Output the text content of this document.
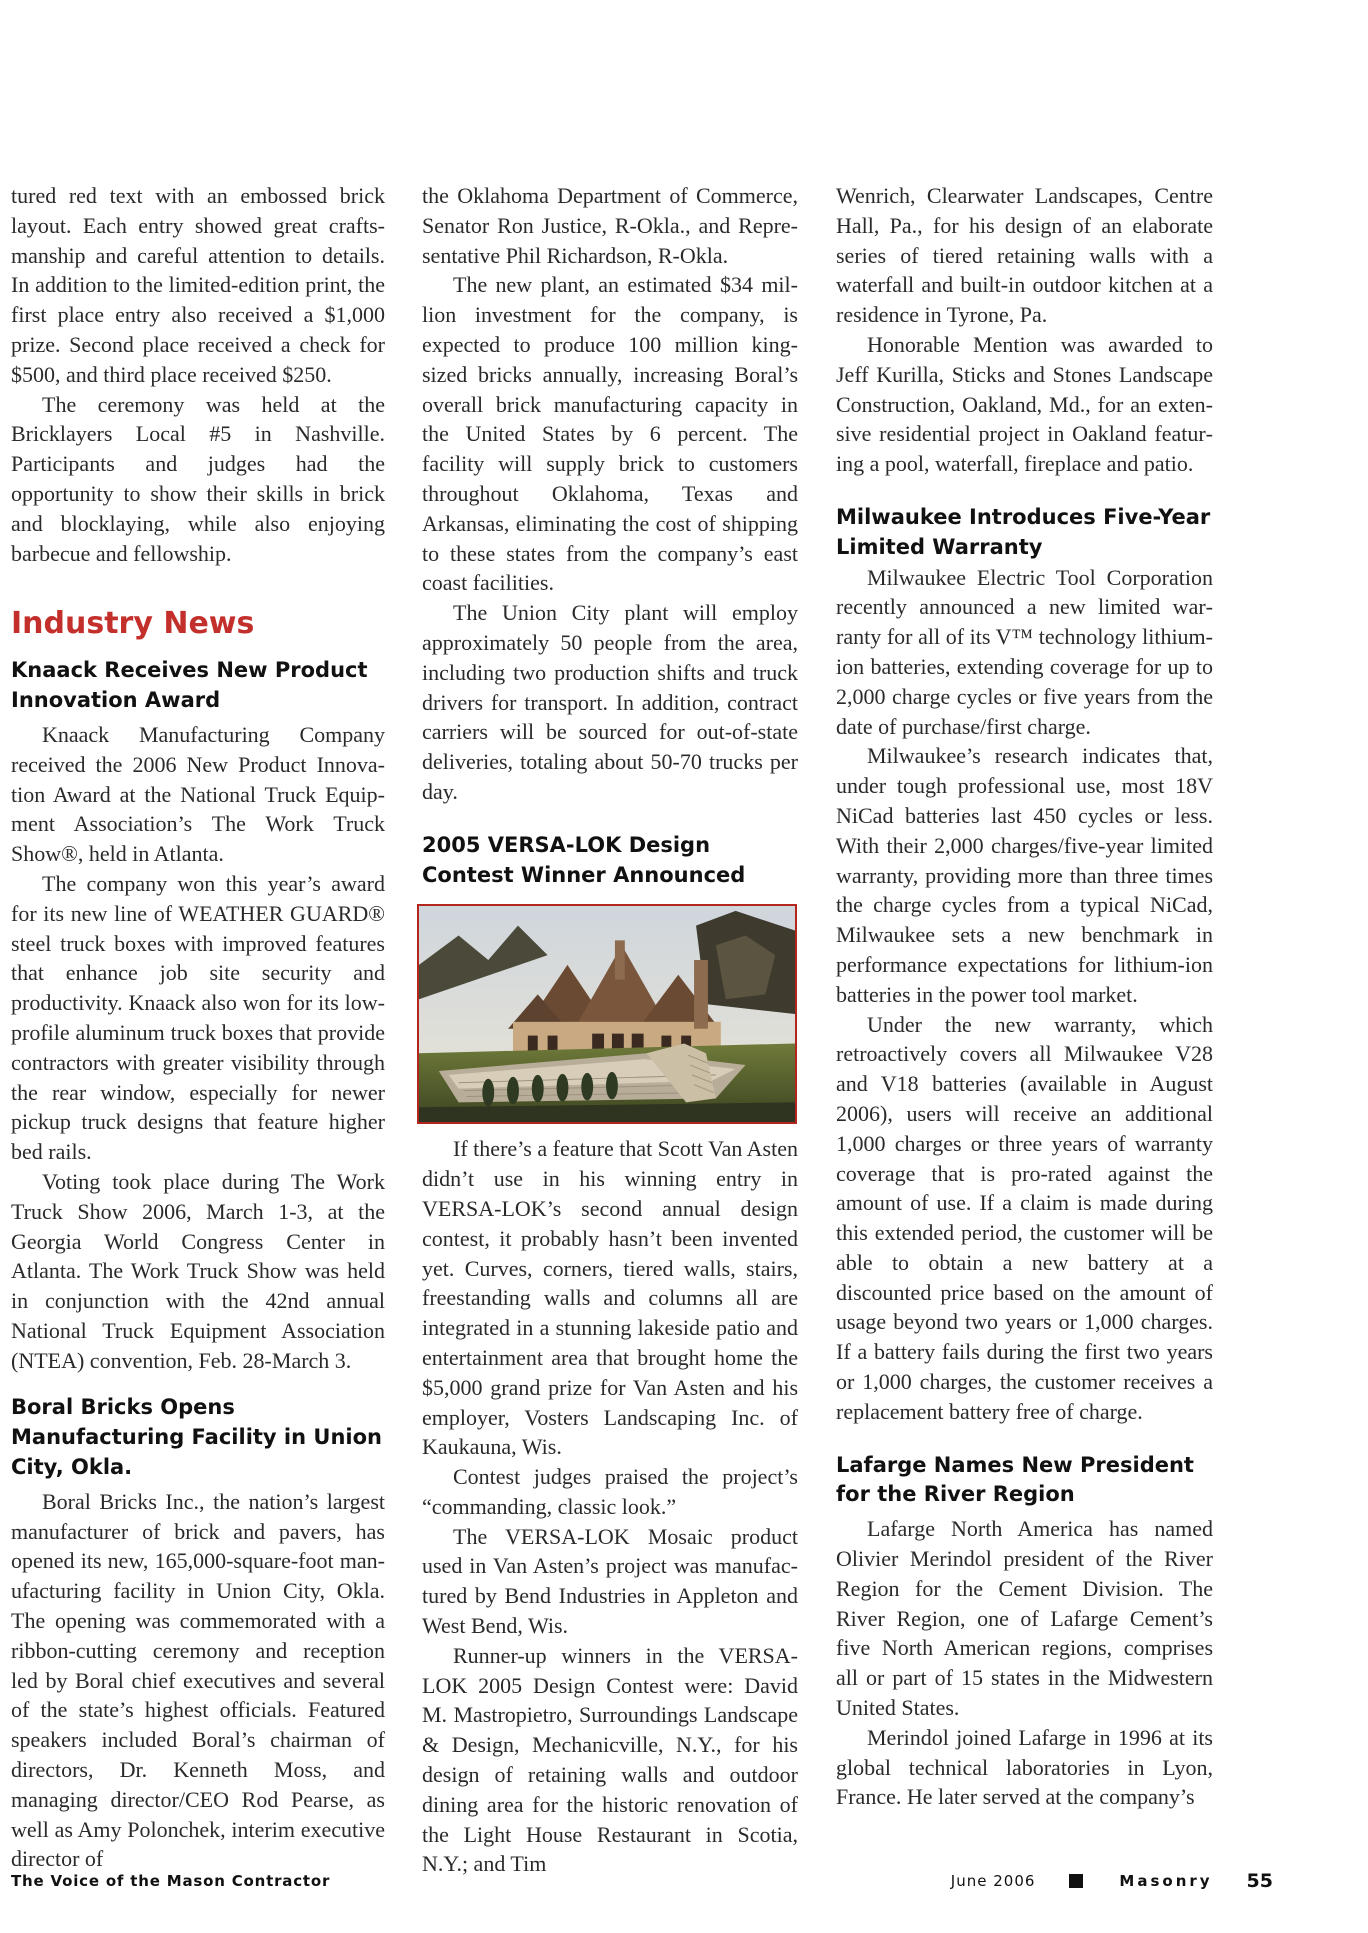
tured red text with an embossed brick layout. Each entry showed great craftsmanship and careful attention to details. In addition to the limited-edition print, the first place entry also received a $1,000 prize. Second place received a check for $500, and third place received $250.

The ceremony was held at the Bricklayers Local #5 in Nashville. Participants and judges had the opportunity to show their skills in brick and blocklaying, while also enjoying barbecue and fellowship.

Industry News
Knaack Receives New Product Innovation Award

Knaack Manufacturing Company received the 2006 New Product Innovation Award at the National Truck Equipment Association’s The Work Truck Show®, held in Atlanta.

The company won this year’s award for its new line of WEATHER GUARD® steel truck boxes with improved features that enhance job site security and productivity. Knaack also won for its low-profile aluminum truck boxes that provide contractors with greater visibility through the rear window, especially for newer pickup truck designs that feature higher bed rails.

Voting took place during The Work Truck Show 2006, March 1-3, at the Georgia World Congress Center in Atlanta. The Work Truck Show was held in conjunction with the 42nd annual National Truck Equipment Association (NTEA) convention, Feb. 28-March 3.

Boral Bricks Opens Manufacturing Facility in Union City, Okla.

Boral Bricks Inc., the nation’s largest manufacturer of brick and pavers, has opened its new, 165,000-square-foot manufacturing facility in Union City, Okla. The opening was commemorated with a ribbon-cutting ceremony and reception led by Boral chief executives and several of the state’s highest officials. Featured speakers included Boral’s chairman of directors, Dr. Kenneth Moss, and managing director/CEO Rod Pearse, as well as Amy Polonchek, interim executive director of

the Oklahoma Department of Commerce, Senator Ron Justice, R-Okla., and Representative Phil Richardson, R-Okla.

The new plant, an estimated $34 million investment for the company, is expected to produce 100 million king-sized bricks annually, increasing Boral’s overall brick manufacturing capacity in the United States by 6 percent. The facility will supply brick to customers throughout Oklahoma, Texas and Arkansas, eliminating the cost of shipping to these states from the company’s east coast facilities.

The Union City plant will employ approximately 50 people from the area, including two production shifts and truck drivers for transport. In addition, contract carriers will be sourced for out-of-state deliveries, totaling about 50-70 trucks per day.

2005 VERSA-LOK Design Contest Winner Announced

If there’s a feature that Scott Van Asten didn’t use in his winning entry in VERSA-LOK’s second annual design contest, it probably hasn’t been invented yet. Curves, corners, tiered walls, stairs, freestanding walls and columns all are integrated in a stunning lakeside patio and entertainment area that brought home the $5,000 grand prize for Van Asten and his employer, Vosters Landscaping Inc. of Kaukauna, Wis.

Contest judges praised the project’s “commanding, classic look.”

The VERSA-LOK Mosaic product used in Van Asten’s project was manufactured by Bend Industries in Appleton and West Bend, Wis.

Runner-up winners in the VERSA-LOK 2005 Design Contest were: David M. Mastropietro, Surroundings Landscape & Design, Mechanicville, N.Y., for his design of retaining walls and outdoor dining area for the historic renovation of the Light House Restaurant in Scotia, N.Y.; and Tim

Wenrich, Clearwater Landscapes, Centre Hall, Pa., for his design of an elaborate series of tiered retaining walls with a waterfall and built-in outdoor kitchen at a residence in Tyrone, Pa.

Honorable Mention was awarded to Jeff Kurilla, Sticks and Stones Landscape Construction, Oakland, Md., for an extensive residential project in Oakland featuring a pool, waterfall, fireplace and patio.

Milwaukee Introduces Five-Year Limited Warranty

Milwaukee Electric Tool Corporation recently announced a new limited warranty for all of its V™ technology lithium-ion batteries, extending coverage for up to 2,000 charge cycles or five years from the date of purchase/first charge.

Milwaukee’s research indicates that, under tough professional use, most 18V NiCad batteries last 450 cycles or less. With their 2,000 charges/five-year limited warranty, providing more than three times the charge cycles from a typical NiCad, Milwaukee sets a new benchmark in performance expectations for lithium-ion batteries in the power tool market.

Under the new warranty, which retroactively covers all Milwaukee V28 and V18 batteries (available in August 2006), users will receive an additional 1,000 charges or three years of warranty coverage that is pro-rated against the amount of use. If a claim is made during this extended period, the customer will be able to obtain a new battery at a discounted price based on the amount of usage beyond two years or 1,000 charges. If a battery fails during the first two years or 1,000 charges, the customer receives a replacement battery free of charge.

Lafarge Names New President for the River Region

Lafarge North America has named Olivier Merindol president of the River Region for the Cement Division. The River Region, one of Lafarge Cement’s five North American regions, comprises all or part of 15 states in the Midwestern United States.

Merindol joined Lafarge in 1996 at its global technical laboratories in Lyon, France. He later served at the company’s

The Voice of the Mason Contractor	June 2006	Masonry 55
